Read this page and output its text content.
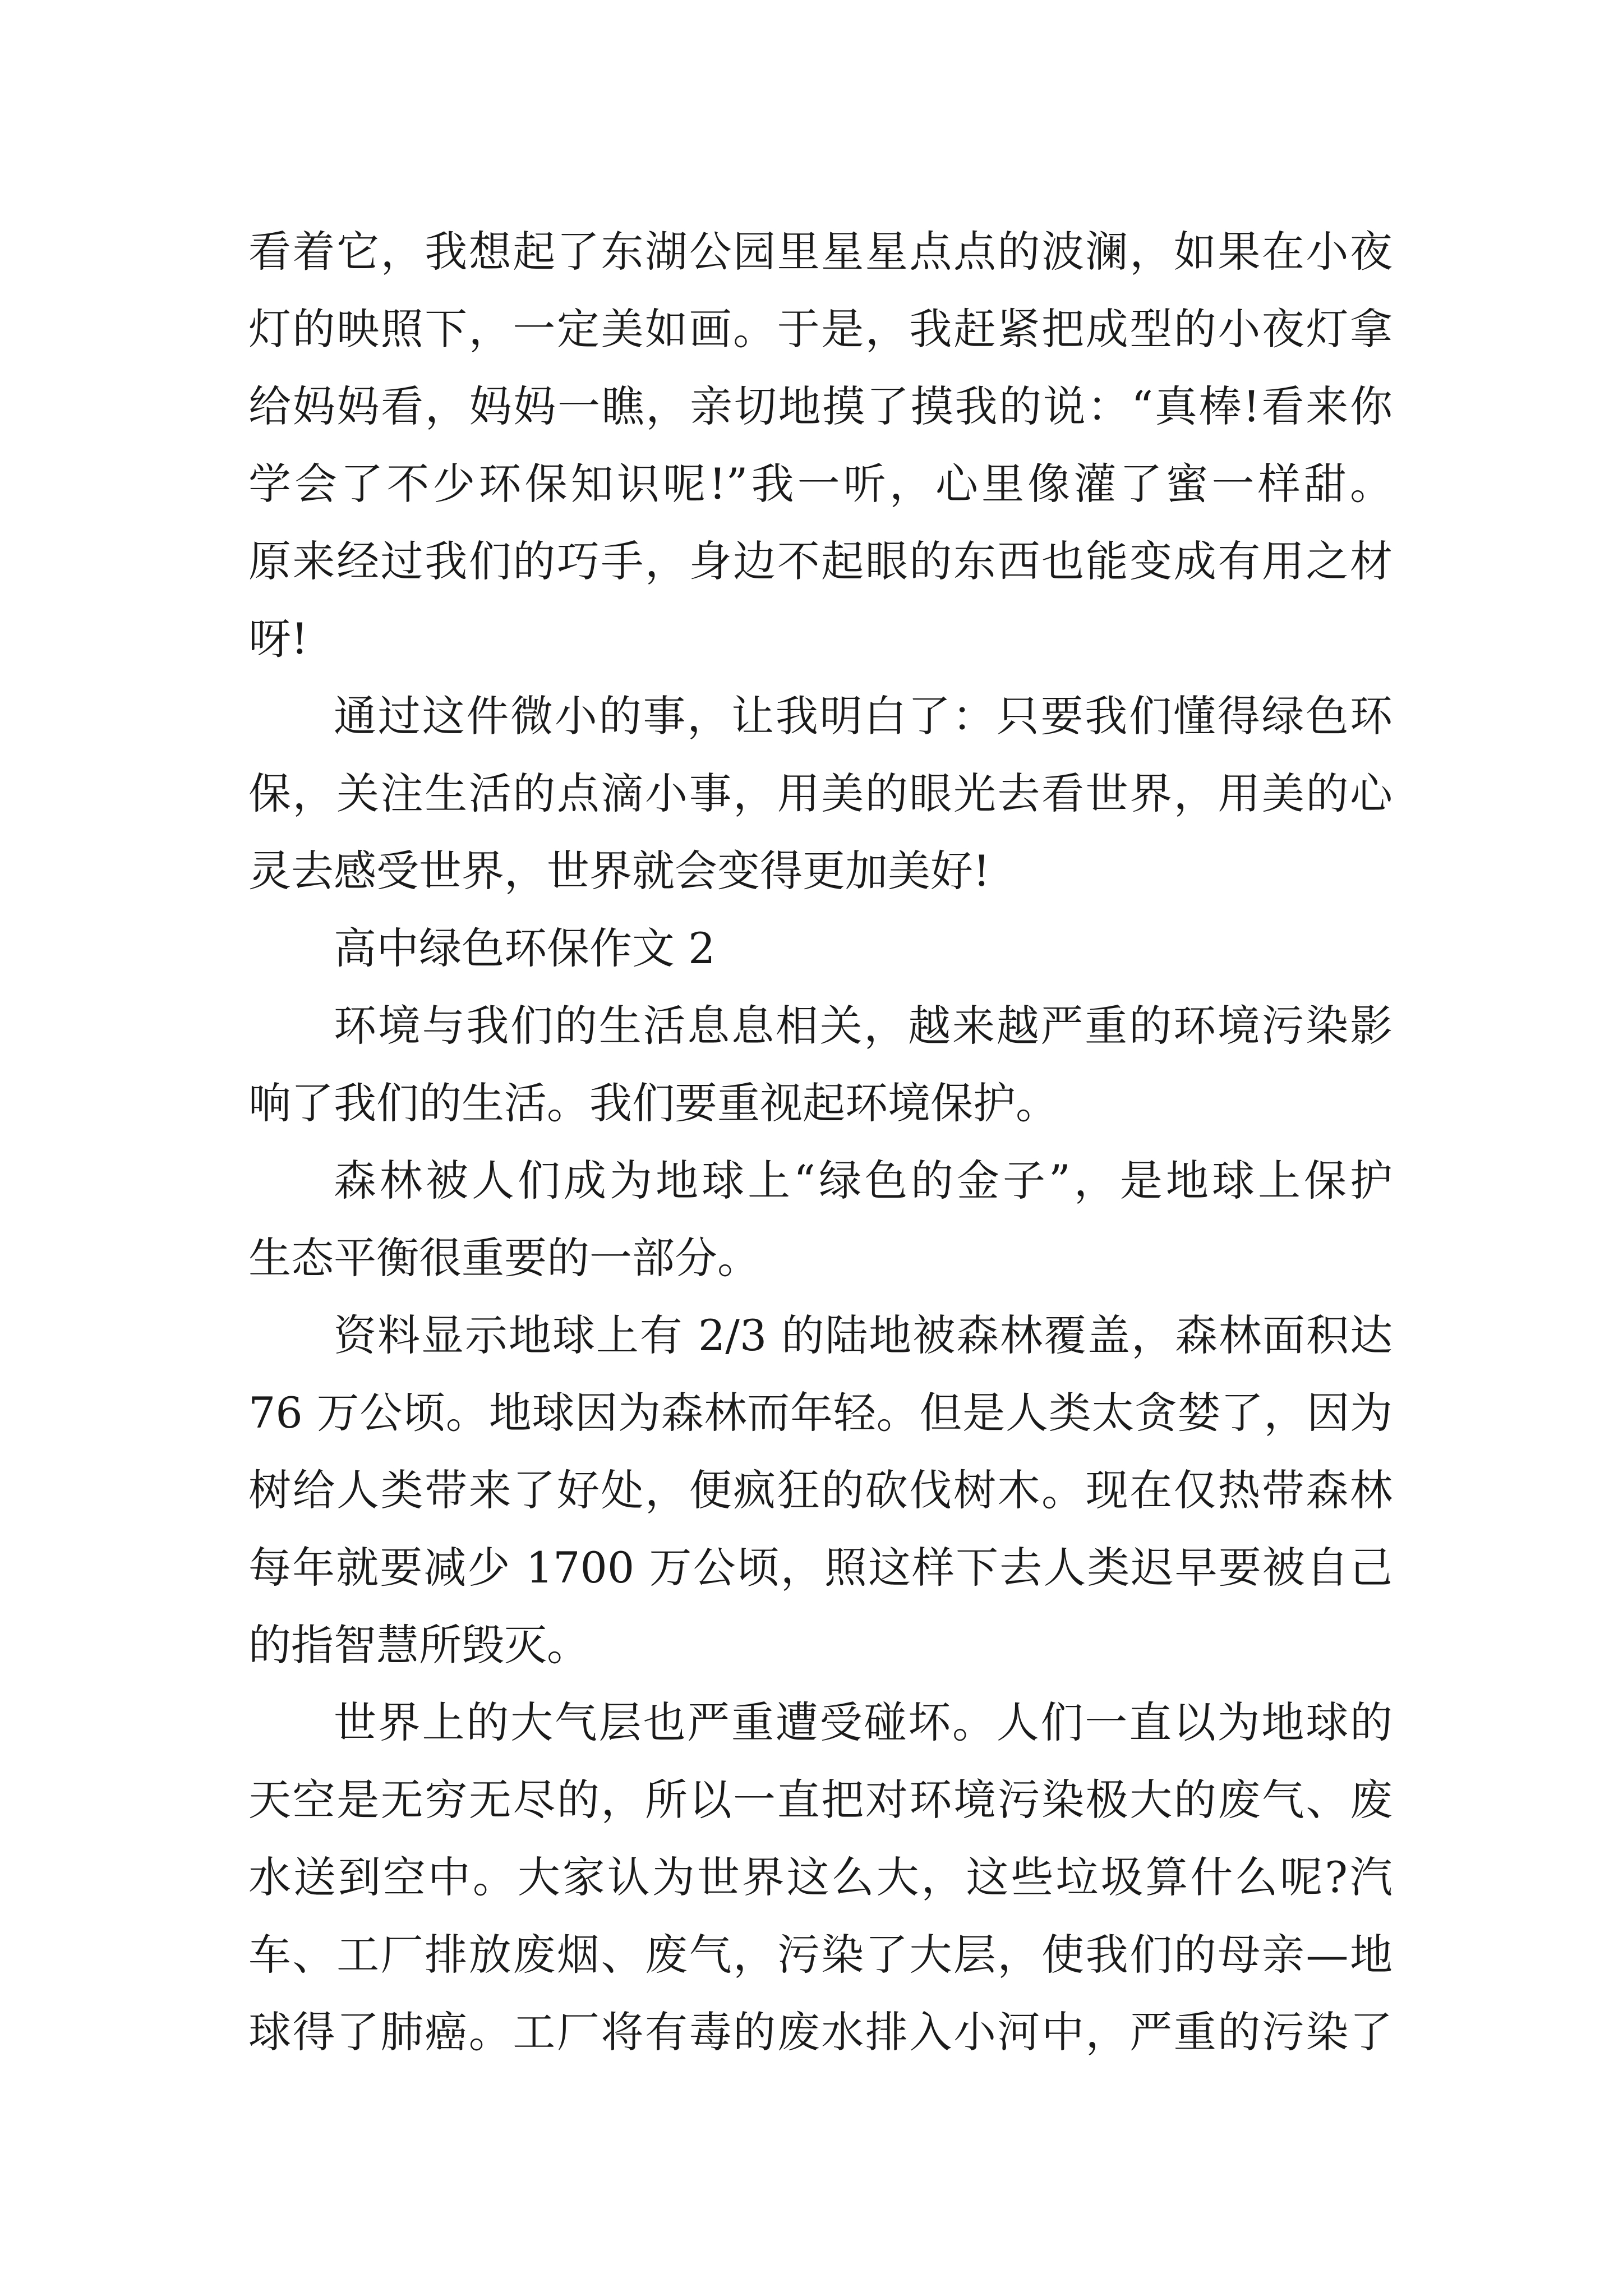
看着它，我想起了东湖公园里星星点点的波澜，如果在小夜
灯的映照下，一定美如画。于是，我赶紧把成型的小夜灯拿
给妈妈看，妈妈一瞧，亲切地摸了摸我的说：“真棒!看来你
学会了不少环保知识呢!”我一听，心里像灌了蜜一样甜。
原来经过我们的巧手，身边不起眼的东西也能变成有用之材
呀!
通过这件微小的事，让我明白了：只要我们懂得绿色环
保，关注生活的点滴小事，用美的眼光去看世界，用美的心
灵去感受世界，世界就会变得更加美好!
高中绿色环保作文 2
环境与我们的生活息息相关，越来越严重的环境污染影
响了我们的生活。我们要重视起环境保护。
森林被人们成为地球上“绿色的金子”，是地球上保护
生态平衡很重要的一部分。
资料显示地球上有 2/3 的陆地被森林覆盖，森林面积达
76 万公顷。地球因为森林而年轻。但是人类太贪婪了，因为
树给人类带来了好处，便疯狂的砍伐树木。现在仅热带森林
每年就要减少 1700 万公顷，照这样下去人类迟早要被自己
的指智慧所毁灭。
世界上的大气层也严重遭受碰坏。人们一直以为地球的
天空是无穷无尽的，所以一直把对环境污染极大的废气、废
水送到空中。大家认为世界这么大，这些垃圾算什么呢?汽
车、工厂排放废烟、废气，污染了大层，使我们的母亲—地
球得了肺癌。工厂将有毒的废水排入小河中，严重的污染了
